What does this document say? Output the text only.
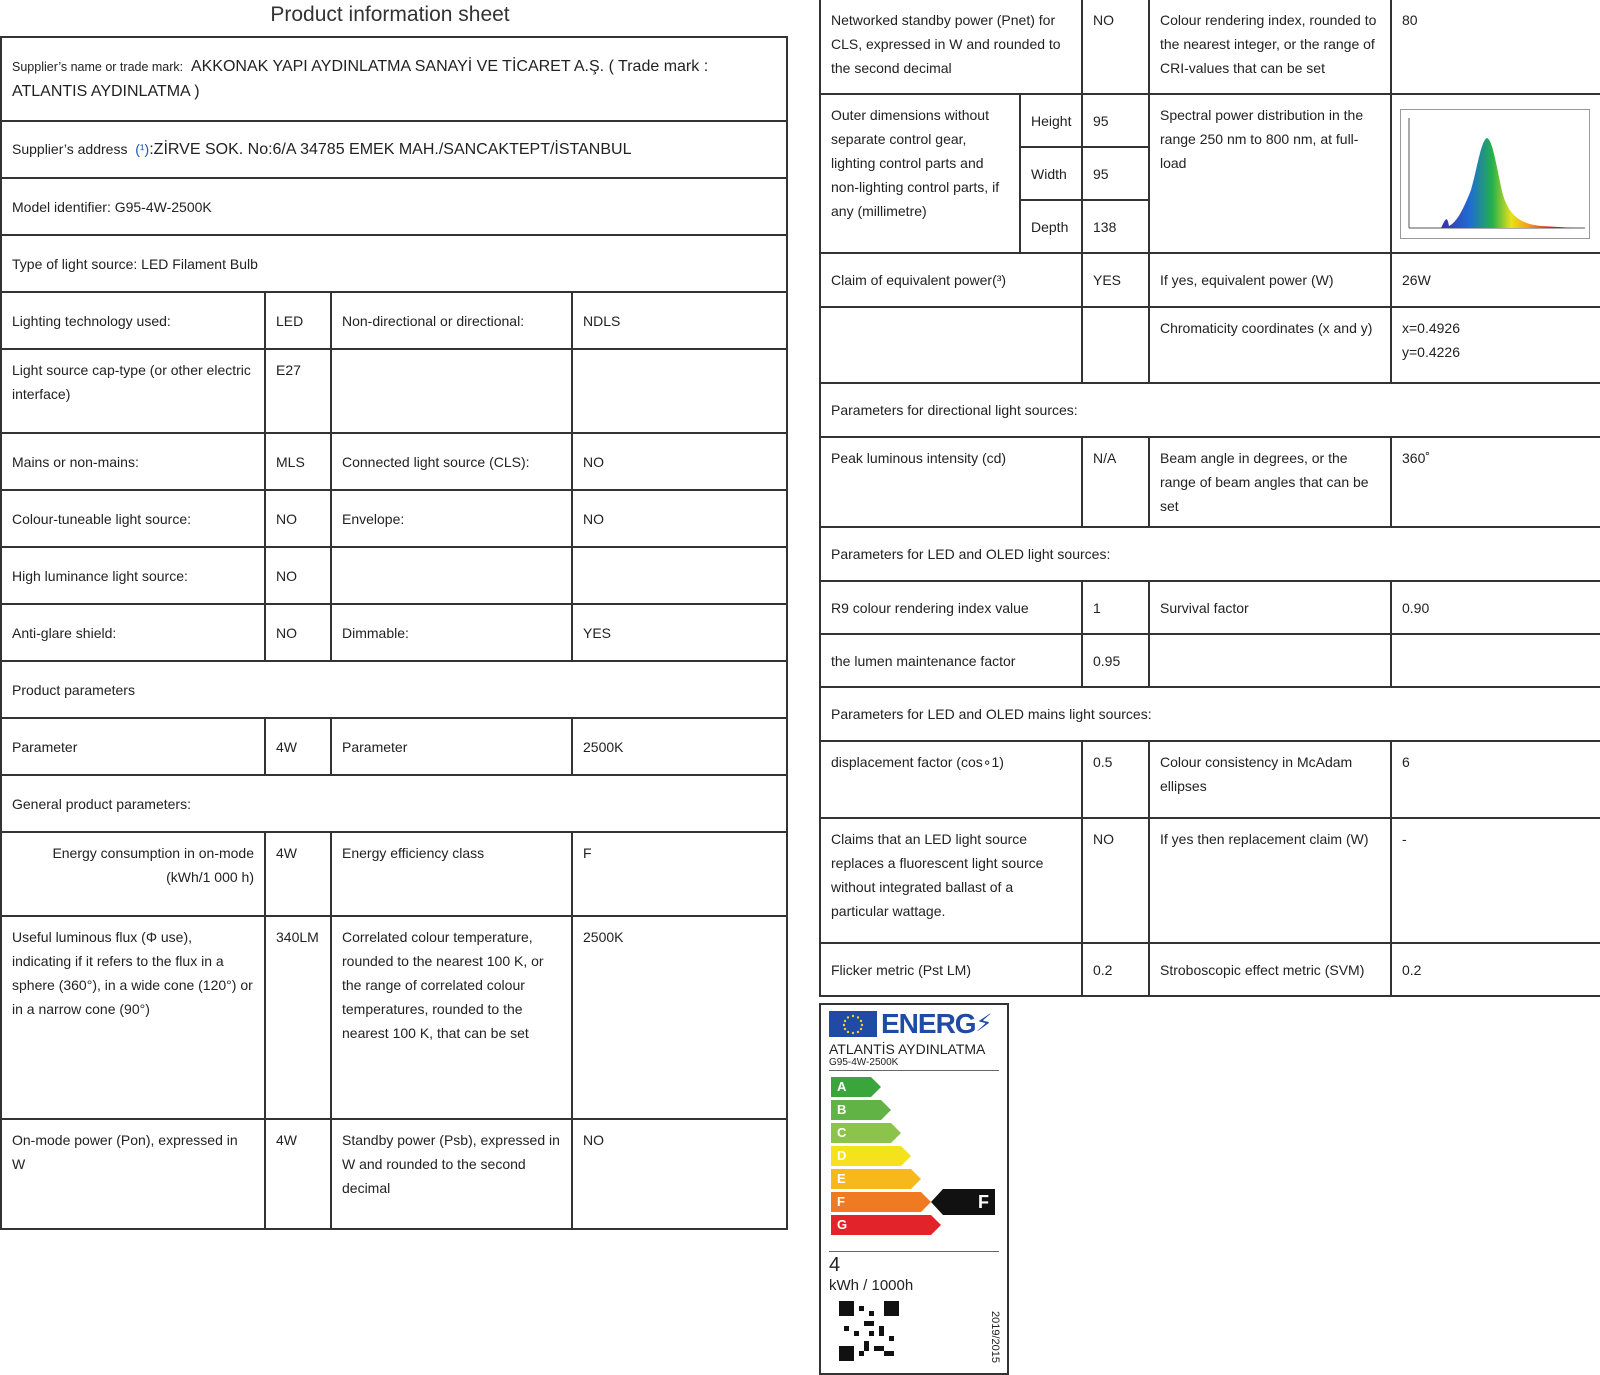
Product information sheet
Supplier’s name or trade mark: AKKONAK YAPI AYDINLATMA SANAYİ VE TİCARET A.Ş. ( Trade mark : ATLANTIS AYDINLATMA )			
Supplier’s address (¹):ZİRVE SOK. No:6/A 34785 EMEK MAH./SANCAKTEPT/İSTANBUL			
Model identifier: G95-4W-2500K			
Type of light source: LED Filament Bulb			
Lighting technology used:	LED	Non-directional or directional:	NDLS
Light source cap-type (or other electric interface)	E27		
Mains or non-mains:	MLS	Connected light source (CLS):	NO
Colour-tuneable light source:	NO	Envelope:	NO
High luminance light source:	NO		
Anti-glare shield:	NO	Dimmable:	YES
Product parameters			
Parameter	4W	Parameter	2500K
General product parameters:			
Energy consumption in on-mode (kWh/1 000 h)	4W	Energy efficiency class	F
Useful luminous flux (Φ use), indicating if it refers to the flux in a sphere (360°), in a wide cone (120°) or in a narrow cone (90°)	340LM	Correlated colour temperature, rounded to the nearest 100 K, or the range of correlated colour temperatures, rounded to the nearest 100 K, that can be set	2500K
On-mode power (Pon), expressed in W	4W	Standby power (Psb), expressed in W and rounded to the second decimal	NO
Networked standby power (Pnet) for CLS, expressed in W and rounded to the second decimal		NO	Colour rendering index, rounded to the nearest integer, or the range of CRI-values that can be set	80
Outer dimensions without separate control gear, lighting control parts and non-lighting control parts, if any (millimetre)	Height	95	Spectral power distribution in the range 250 nm to 800 nm, at full-load	

	Width	95		
	Depth	138		
Claim of equivalent power(³)		YES	If yes, equivalent power (W)	26W
			Chromaticity coordinates (x and y)	x=0.4926
y=0.4226

Parameters for directional light sources:				
Peak luminous intensity (cd)		N/A	Beam angle in degrees, or the range of beam angles that can be set	360˚
Parameters for LED and OLED light sources:				
R9 colour rendering index value		1	Survival factor	0.90
the lumen maintenance factor		0.95		
Parameters for LED and OLED mains light sources:				
displacement factor (cos∘1)		0.5	Colour consistency in McAdam ellipses	6
Claims that an LED light source replaces a fluorescent light source without integrated ballast of a particular wattage.		NO	If yes then replacement claim (W)	-
Flicker metric (Pst LM)		0.2	Stroboscopic effect metric (SVM)	0.2
ENERG ⚡
ATLANTİS AYDINLATMA
G95-4W-2500K
F
A
B
C
D
E
F
G
4
kWh / 1000h
2019/2015
